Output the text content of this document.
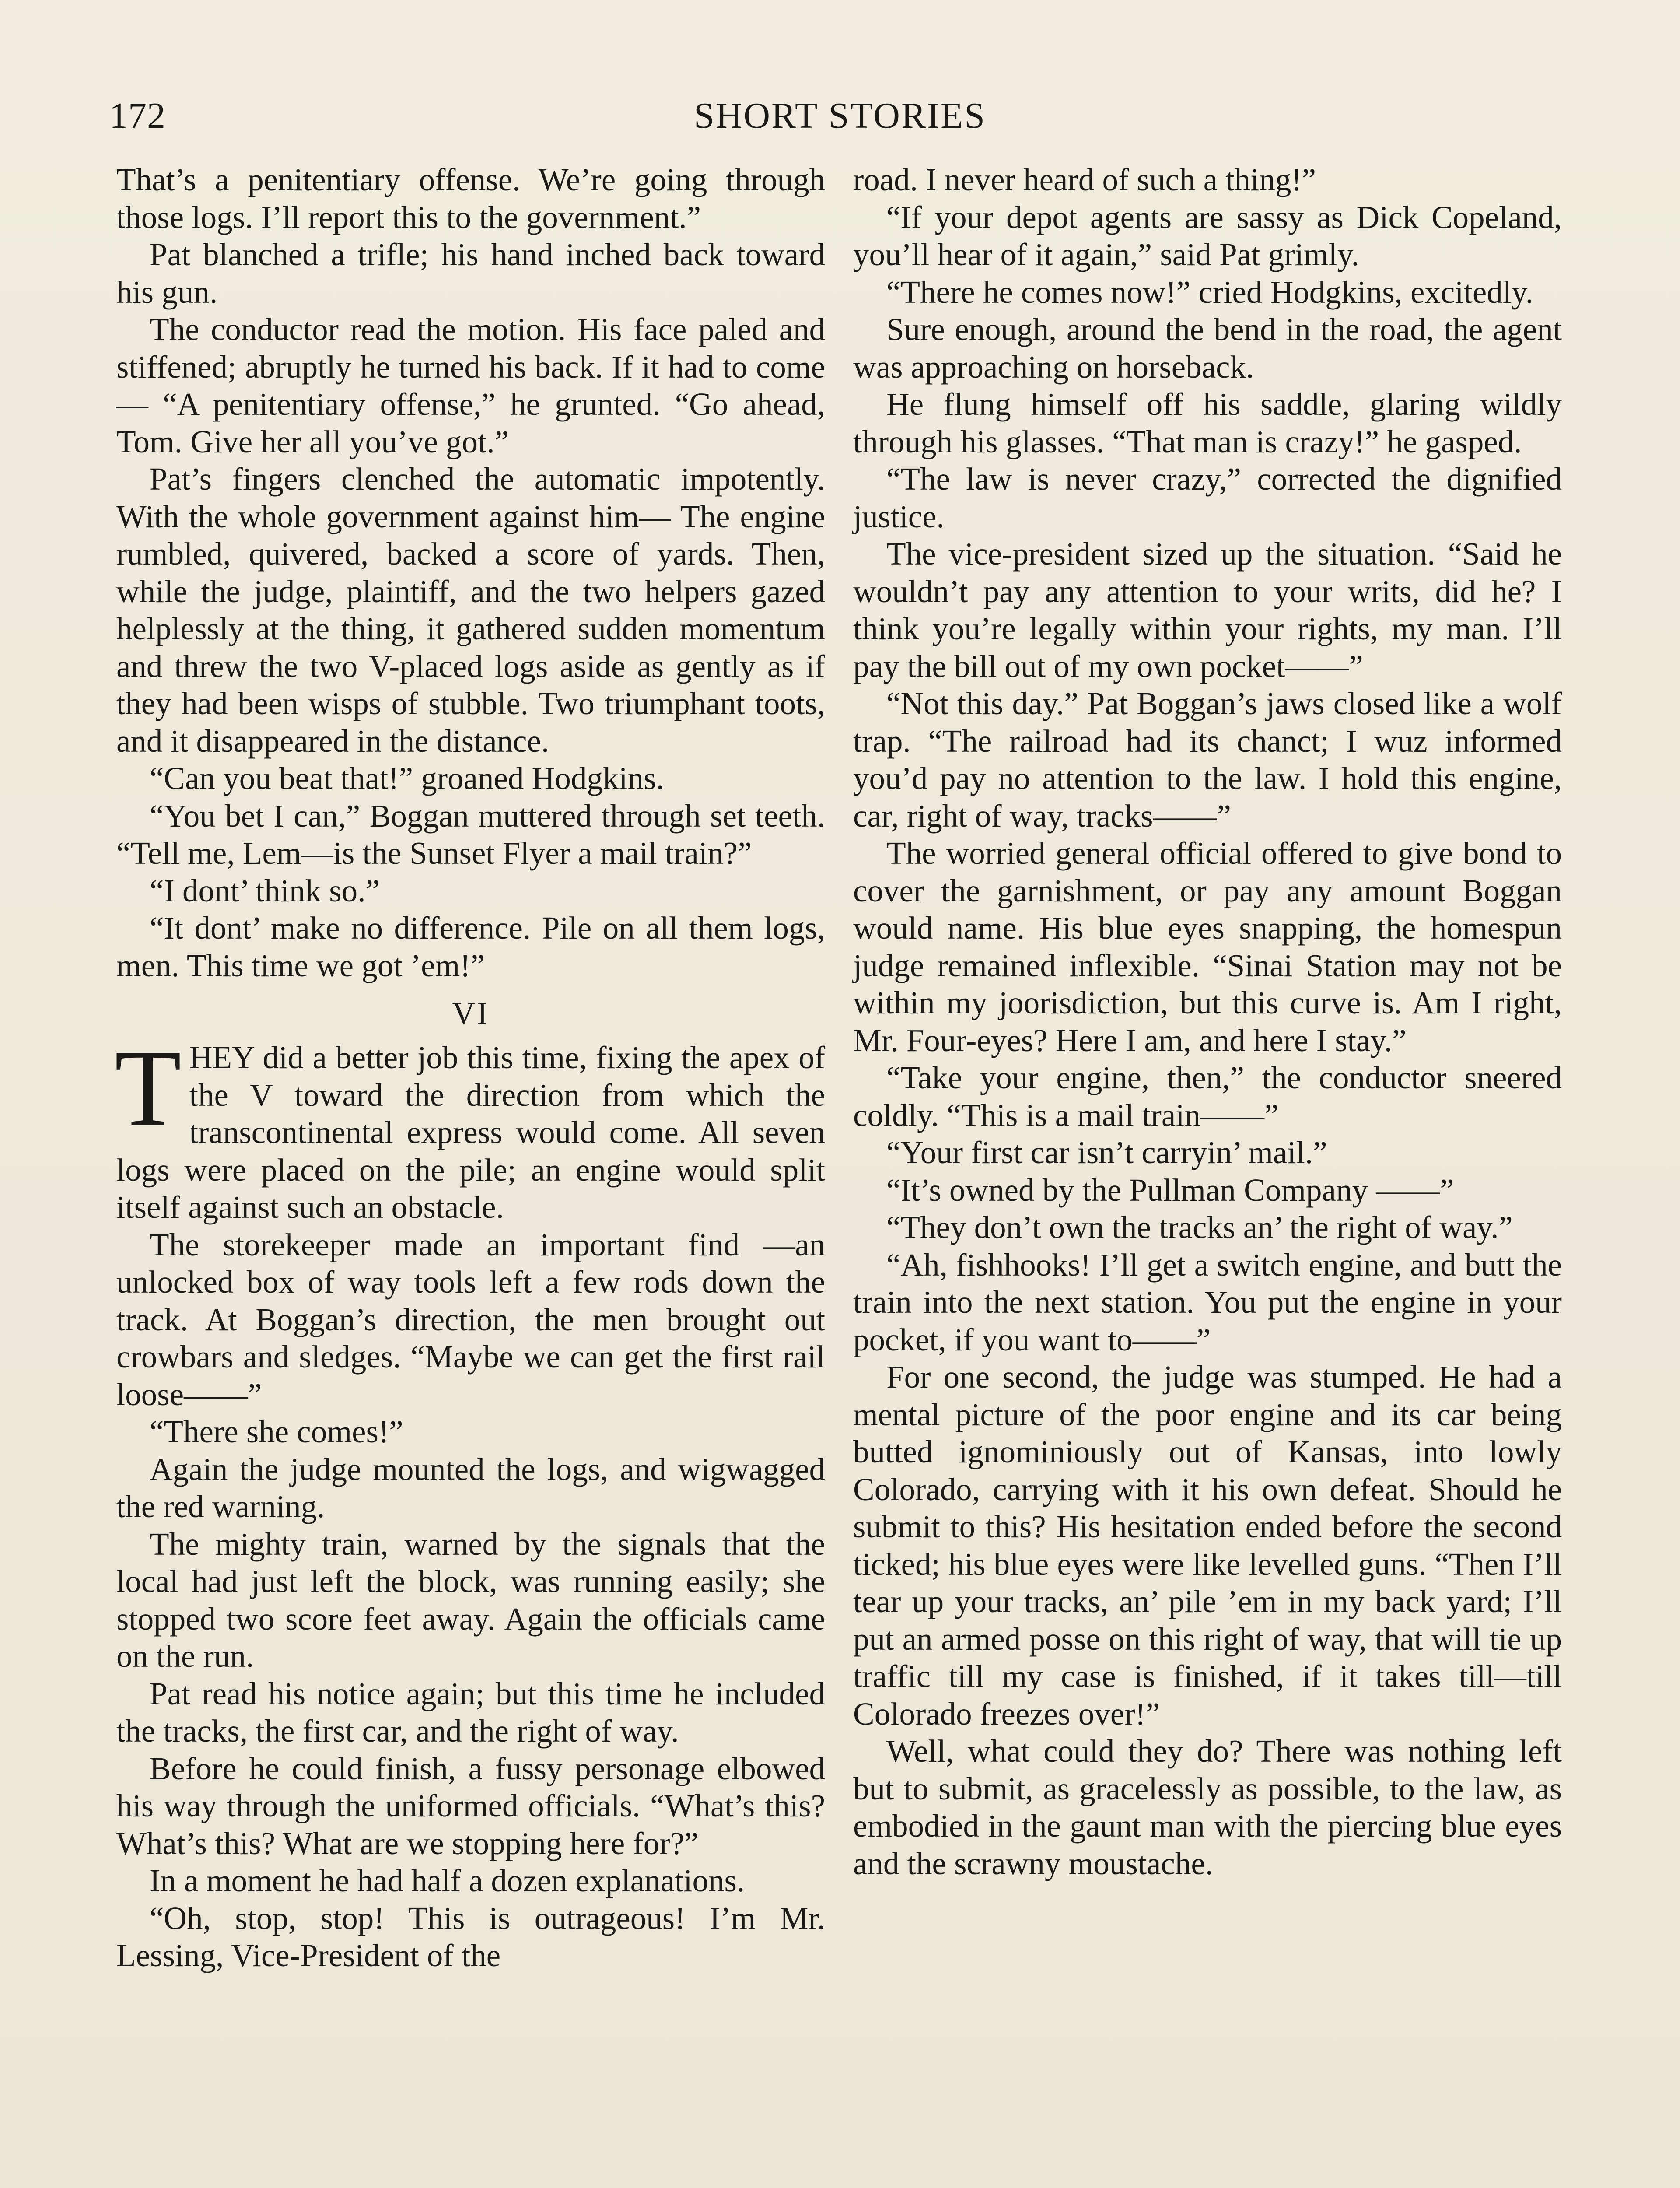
172	SHORT STORIES

That’s a penitentiary offense. We’re going through those logs. I’ll report this to the government.”

Pat blanched a trifle; his hand inched back toward his gun.

The conductor read the motion. His face paled and stiffened; abruptly he turned his back. If it had to come— “A penitentiary offense,” he grunted. “Go ahead, Tom. Give her all you’ve got.”

Pat’s fingers clenched the automatic impotently. With the whole government against him— The engine rumbled, quivered, backed a score of yards. Then, while the judge, plaintiff, and the two helpers gazed helplessly at the thing, it gathered sudden momentum and threw the two V-placed logs aside as gently as if they had been wisps of stubble. Two triumphant toots, and it disappeared in the distance.

“Can you beat that!” groaned Hodgkins.

“You bet I can,” Boggan muttered through set teeth. “Tell me, Lem—is the Sunset Flyer a mail train?”

“I dont’ think so.”

“It dont’ make no difference. Pile on all them logs, men. This time we got ’em!”

VI

THEY did a better job this time, fixing the apex of the V toward the direction from which the transcontinental express would come. All seven logs were placed on the pile; an engine would split itself against such an obstacle.

The storekeeper made an important find —an unlocked box of way tools left a few rods down the track. At Boggan’s direction, the men brought out crowbars and sledges. “Maybe we can get the first rail loose——”

“There she comes!”

Again the judge mounted the logs, and wigwagged the red warning.

The mighty train, warned by the signals that the local had just left the block, was running easily; she stopped two score feet away. Again the officials came on the run.

Pat read his notice again; but this time he included the tracks, the first car, and the right of way.

Before he could finish, a fussy personage elbowed his way through the uniformed officials. “What’s this? What’s this? What are we stopping here for?”

In a moment he had half a dozen explanations.

“Oh, stop, stop! This is outrageous! I’m Mr. Lessing, Vice-President of the

road. I never heard of such a thing!”

“If your depot agents are sassy as Dick Copeland, you’ll hear of it again,” said Pat grimly.

“There he comes now!” cried Hodgkins, excitedly.

Sure enough, around the bend in the road, the agent was approaching on horseback.

He flung himself off his saddle, glaring wildly through his glasses. “That man is crazy!” he gasped.

“The law is never crazy,” corrected the dignified justice.

The vice-president sized up the situation. “Said he wouldn’t pay any attention to your writs, did he? I think you’re legally within your rights, my man. I’ll pay the bill out of my own pocket——”

“Not this day.” Pat Boggan’s jaws closed like a wolf trap. “The railroad had its chanct; I wuz informed you’d pay no attention to the law. I hold this engine, car, right of way, tracks——”

The worried general official offered to give bond to cover the garnishment, or pay any amount Boggan would name. His blue eyes snapping, the homespun judge remained inflexible. “Sinai Station may not be within my joorisdiction, but this curve is. Am I right, Mr. Four-eyes? Here I am, and here I stay.”

“Take your engine, then,” the conductor sneered coldly. “This is a mail train——”

“Your first car isn’t carryin’ mail.”

“It’s owned by the Pullman Company ——”

“They don’t own the tracks an’ the right of way.”

“Ah, fishhooks! I’ll get a switch engine, and butt the train into the next station. You put the engine in your pocket, if you want to——”

For one second, the judge was stumped. He had a mental picture of the poor engine and its car being butted ignominiously out of Kansas, into lowly Colorado, carrying with it his own defeat. Should he submit to this? His hesitation ended before the second ticked; his blue eyes were like levelled guns. “Then I’ll tear up your tracks, an’ pile ’em in my back yard; I’ll put an armed posse on this right of way, that will tie up traffic till my case is finished, if it takes till—till Colorado freezes over!”

Well, what could they do? There was nothing left but to submit, as gracelessly as possible, to the law, as embodied in the gaunt man with the piercing blue eyes and the scrawny moustache.
